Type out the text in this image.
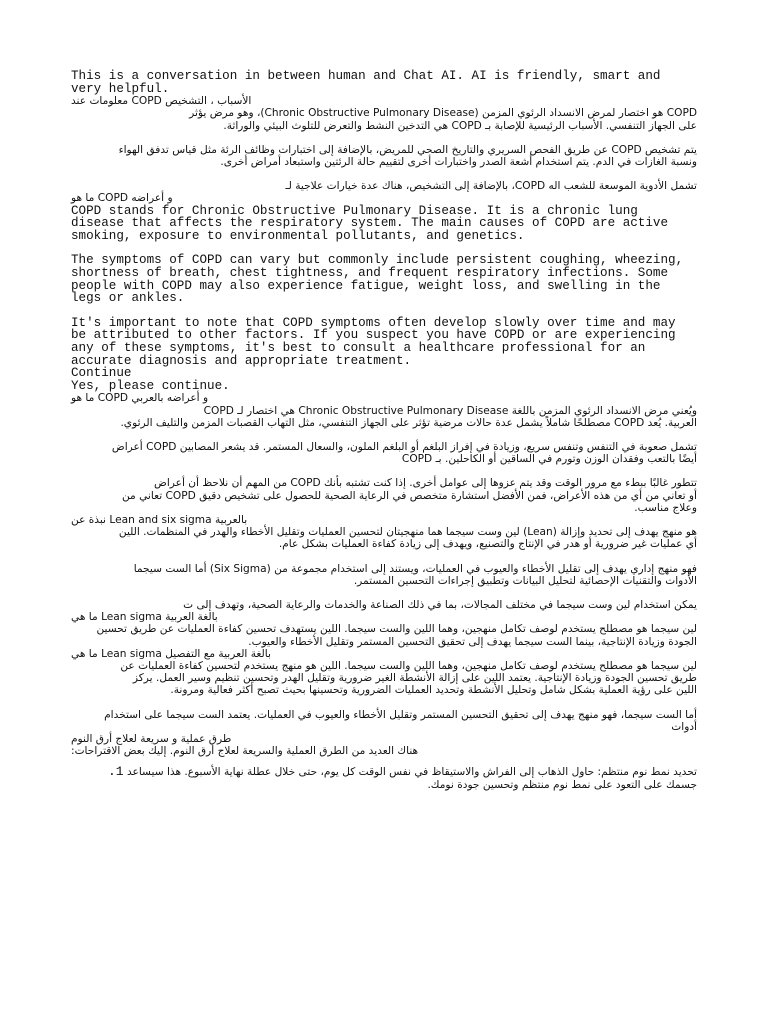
This is a conversation in between human and Chat AI. AI is friendly, smart and very helpful.

الأسباب ، التشخيص COPD معلومات عند

COPD هو اختصار لمرض الانسداد الرئوي المزمن (Chronic Obstructive Pulmonary Disease)، وهو مرض يؤثر

على الجهاز التنفسي. الأسباب الرئيسية للإصابة بـ COPD هي التدخين النشط والتعرض للتلوث البيئي والوراثة.

يتم تشخيص COPD عن طريق الفحص السريري والتاريخ الصحي للمريض، بالإضافة إلى اختبارات وظائف الرئة مثل قياس تدفق الهواء

ونسبة الغازات في الدم. يتم استخدام أشعة الصدر واختبارات أخرى لتقييم حالة الرئتين واستبعاد أمراض أخرى.

تشمل الأدوية الموسعة للشعب اله COPD، بالإضافة إلى التشخيص، هناك عدة خيارات علاجية لـ

و أعراضه COPD ما هو

COPD stands for Chronic Obstructive Pulmonary Disease. It is a chronic lung disease that affects the respiratory system. The main causes of COPD are active smoking, exposure to environmental pollutants, and genetics.

The symptoms of COPD can vary but commonly include persistent coughing, wheezing, shortness of breath, chest tightness, and frequent respiratory infections. Some people with COPD may also experience fatigue, weight loss, and swelling in the legs or ankles.

It's important to note that COPD symptoms often develop slowly over time and may be attributed to other factors. If you suspect you have COPD or are experiencing any of these symptoms, it's best to consult a healthcare professional for an accurate diagnosis and appropriate treatment.

Continue

Yes, please continue.

و أعراضه بالعربي COPD ما هو

ويُعني مرض الانسداد الرئوي المزمن باللغة Chronic Obstructive Pulmonary Disease هي اختصار لـ COPD

العربية. يُعد COPD مصطلحًا شاملاً يشمل عدة حالات مرضية تؤثر على الجهاز التنفسي، مثل التهاب القصبات المزمن والتليف الرئوي.

تشمل صعوبة في التنفس وتنفس سريع، وزيادة في إفراز البلغم أو البلغم الملون، والسعال المستمر. قد يشعر المصابين COPD أعراض

أيضًا بالتعب وفقدان الوزن وتورم في الساقين أو الكاحلين. بـ COPD

تتطور غالبًا ببطء مع مرور الوقت وقد يتم عزوها إلى عوامل أخرى. إذا كنت تشتبه بأنك COPD من المهم أن نلاحظ أن أعراض

أو تعاني من أي من هذه الأعراض، فمن الأفضل استشارة متخصص في الرعاية الصحية للحصول على تشخيص دقيق COPD تعاني من

وعلاج مناسب.

بالعربية Lean and six sigma نبذة عن

هو منهج يهدف إلى تحديد وإزالة (Lean) لين وست سيجما هما منهجيتان لتحسين العمليات وتقليل الأخطاء والهدر في المنظمات. اللين

أي عمليات غير ضرورية أو هدر في الإنتاج والتصنيع، ويهدف إلى زيادة كفاءة العمليات بشكل عام.

فهو منهج إداري يهدف إلى تقليل الأخطاء والعيوب في العمليات، ويستند إلى استخدام مجموعة من (Six Sigma) أما الست سيجما

الأدوات والتقنيات الإحصائية لتحليل البيانات وتطبيق إجراءات التحسين المستمر.

يمكن استخدام لين وست سيجما في مختلف المجالات، بما في ذلك الصناعة والخدمات والرعاية الصحية، وتهدف إلى ت

بالغة العربية Lean sigma ما هي

لين سيجما هو مصطلح يستخدم لوصف تكامل منهجين، وهما اللين والست سيجما. اللين يستهدف تحسين كفاءة العمليات عن طريق تحسين

الجودة وزيادة الإنتاجية، بينما الست سيجما يهدف إلى تحقيق التحسين المستمر وتقليل الأخطاء والعيوب.

بالغة العربية مع التفصيل Lean sigma ما هي

لين سيجما هو مصطلح يستخدم لوصف تكامل منهجين، وهما اللين والست سيجما. اللين هو منهج يستخدم لتحسين كفاءة العمليات عن

طريق تحسين الجودة وزيادة الإنتاجية. يعتمد اللين على إزالة الأنشطة الغير ضرورية وتقليل الهدر وتحسين تنظيم وسير العمل. يركز

اللين على رؤية العملية بشكل شامل وتحليل الأنشطة وتحديد العمليات الضرورية وتحسينها بحيث تصبح أكثر فعالية ومرونة.

أما الست سيجما، فهو منهج يهدف إلى تحقيق التحسين المستمر وتقليل الأخطاء والعيوب في العمليات. يعتمد الست سيجما على استخدام

أدوات

طرق عملية و سريعة لعلاج أرق النوم

هناك العديد من الطرق العملية والسريعة لعلاج أرق النوم. إليك بعض الاقتراحات:

تحديد نمط نوم منتظم: حاول الذهاب إلى الفراش والاستيقاظ في نفس الوقت كل يوم، حتى خلال عطلة نهاية الأسبوع. هذا سيساعد 1.

جسمك على التعود على نمط نوم منتظم وتحسين جودة نومك.
